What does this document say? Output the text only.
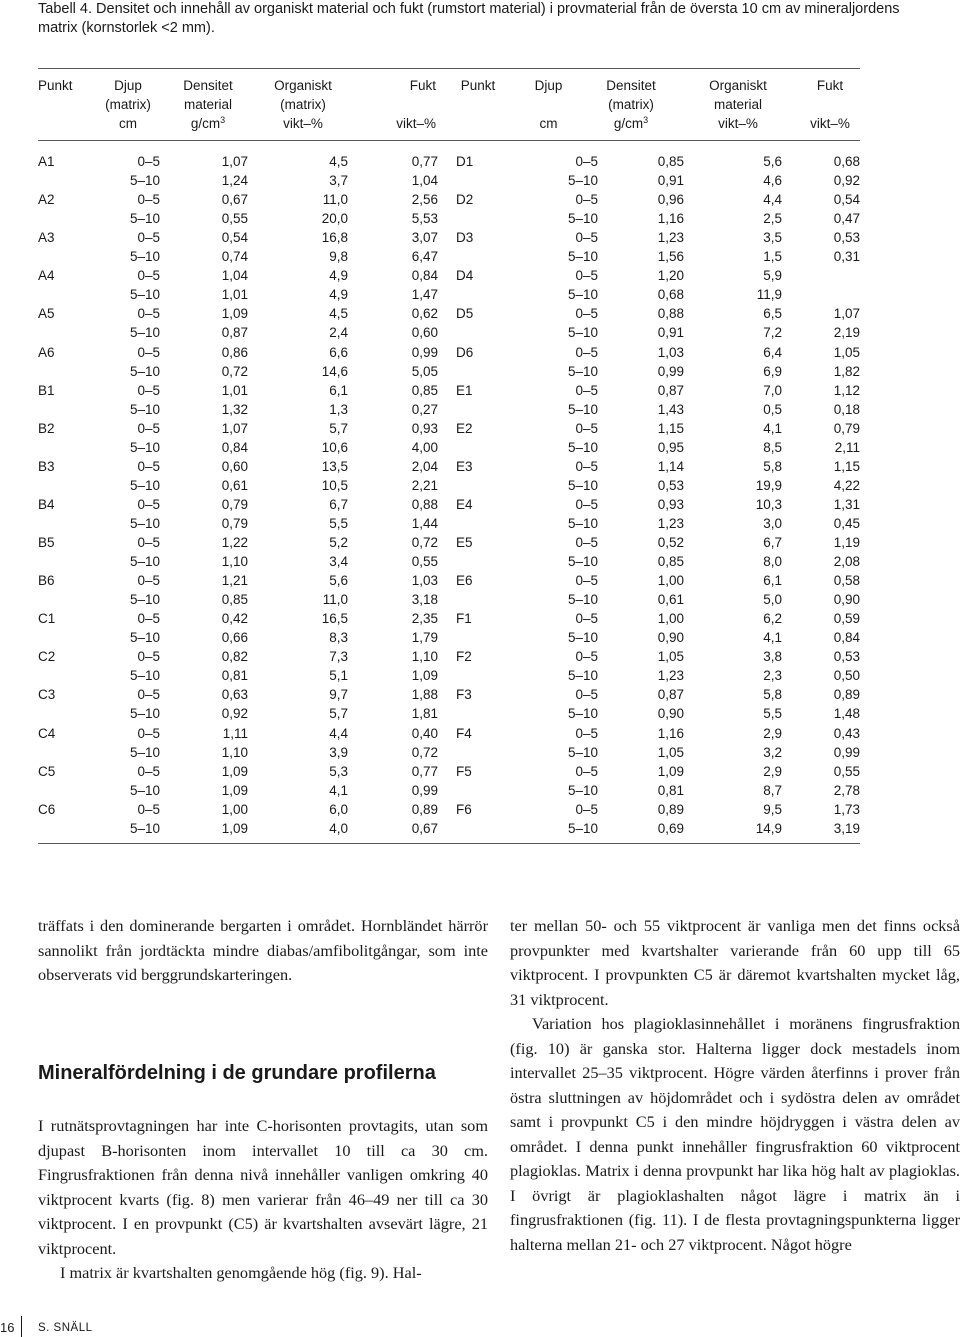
Tabell 4. Densitet och innehåll av organiskt material och fukt (rumstort material) i provmaterial från de översta 10 cm av mineraljordens matrix (kornstorlek <2 mm).
Punkt	Djup	Densitet	Organiskt	Fukt	Punkt	Djup	Densitet	Organiskt	Fukt
(matrix)	material	(matrix)	(matrix)	material
cm	$g/cm^3$	vikt–%	vikt–%	cm	$g/cm^3$	vikt–%	vikt–%
A1	0–5	1,07	4,5	0,77 D1	0–5	0,85	5,6	0,68
5–10	1,24	3,7	1,04	5–10	0,91	4,6	0,92
A2	0–5	0,67	11,0	2,56 D2	0–5	0,96	4,4	0,54
5–10	0,55	20,0	5,53	5–10	1,16	2,5	0,47
A3	0–5	0,54	16,8	3,07 D3	0–5	1,23	3,5	0,53
5–10	0,74	9,8	6,47	5–10	1,56	1,5	0,31
A4	0–5	1,04	4,9	0,84 D4	0–5	1,20	5,9
5–10	1,01	4,9	1,47	5–10	0,68	11,9
A5	0–5	1,09	4,5	0,62 D5	0–5	0,88	6,5	1,07
5–10	0,87	2,4	0,60	5–10	0,91	7,2	2,19
A6	0–5	0,86	6,6	0,99 D6	0–5	1,03	6,4	1,05
5–10	0,72	14,6	5,05	5–10	0,99	6,9	1,82
B1	0–5	1,01	6,1	0,85 E1	0–5	0,87	7,0	1,12
5–10	1,32	1,3	0,27	5–10	1,43	0,5	0,18
B2	0–5	1,07	5,7	0,93 E2	0–5	1,15	4,1	0,79
5–10	0,84	10,6	4,00	5–10	0,95	8,5	2,11
B3	0–5	0,60	13,5	2,04 E3	0–5	1,14	5,8	1,15
5–10	0,61	10,5	2,21	5–10	0,53	19,9	4,22
B4	0–5	0,79	6,7	0,88 E4	0–5	0,93	10,3	1,31
5–10	0,79	5,5	1,44	5–10	1,23	3,0	0,45
B5	0–5	1,22	5,2	0,72 E5	0–5	0,52	6,7	1,19
5–10	1,10	3,4	0,55	5–10	0,85	8,0	2,08
B6	0–5	1,21	5,6	1,03 E6	0–5	1,00	6,1	0,58
5–10	0,85	11,0	3,18	5–10	0,61	5,0	0,90
C1	0–5	0,42	16,5	2,35 F1	0–5	1,00	6,2	0,59
5–10	0,66	8,3	1,79	5–10	0,90	4,1	0,84
C2	0–5	0,82	7,3	1,10 F2	0–5	1,05	3,8	0,53
5–10	0,81	5,1	1,09	5–10	1,23	2,3	0,50
C3	0–5	0,63	9,7	1,88 F3	0–5	0,87	5,8	0,89
5–10	0,92	5,7	1,81	5–10	0,90	5,5	1,48
C4	0–5	1,11	4,4	0,40 F4	0–5	1,16	2,9	0,43
5–10	1,10	3,9	0,72	5–10	1,05	3,2	0,99
C5	0–5	1,09	5,3	0,77 F5	0–5	1,09	2,9	0,55
5–10	1,09	4,1	0,99	5–10	0,81	8,7	2,78
C6	0–5	1,00	6,0	0,89 F6	0–5	0,89	9,5	1,73
5–10	1,09	4,0	0,67	5–10	0,69	14,9	3,19

träffats i den dominerande bergarten i området. Hornbländet härrör sannolikt från jordtäckta mindre diabas/amfibolitgångar, som inte observerats vid berggrundskarteringen.

Mineralfördelning i de grundare profilerna

I rutnätsprovtagningen har inte C-horisonten provtagits, utan som djupast B-horisonten inom intervallet 10 till ca 30 cm. Fingrusfraktionen från denna nivå innehåller vanligen omkring 40 viktprocent kvarts (fig. 8) men varierar från 46–49 ner till ca 30 viktprocent. I en provpunkt (C5) är kvartshalten avsevärt lägre, 21 viktprocent.

I matrix är kvartshalten genomgående hög (fig. 9). Hal-

ter mellan 50- och 55 viktprocent är vanliga men det finns också provpunkter med kvartshalter varierande från 60 upp till 65 viktprocent. I provpunkten C5 är däremot kvartshalten mycket låg, 31 viktprocent.

Variation hos plagioklasinnehållet i moränens fingrusfraktion (fig. 10) är ganska stor. Halterna ligger dock mestadels inom intervallet 25–35 viktprocent. Högre värden återfinns i prover från östra sluttningen av höjdområdet och i sydöstra delen av området samt i provpunkt C5 i den mindre höjdryggen i västra delen av området. I denna punkt innehåller fingrusfraktion 60 viktprocent plagioklas. Matrix i denna provpunkt har lika hög halt av plagioklas. I övrigt är plagioklashalten något lägre i matrix än i fingrusfraktionen (fig. 11). I de flesta provtagningspunkterna ligger halterna mellan 21- och 27 viktprocent. Något högre

16 S. SNÄLL
